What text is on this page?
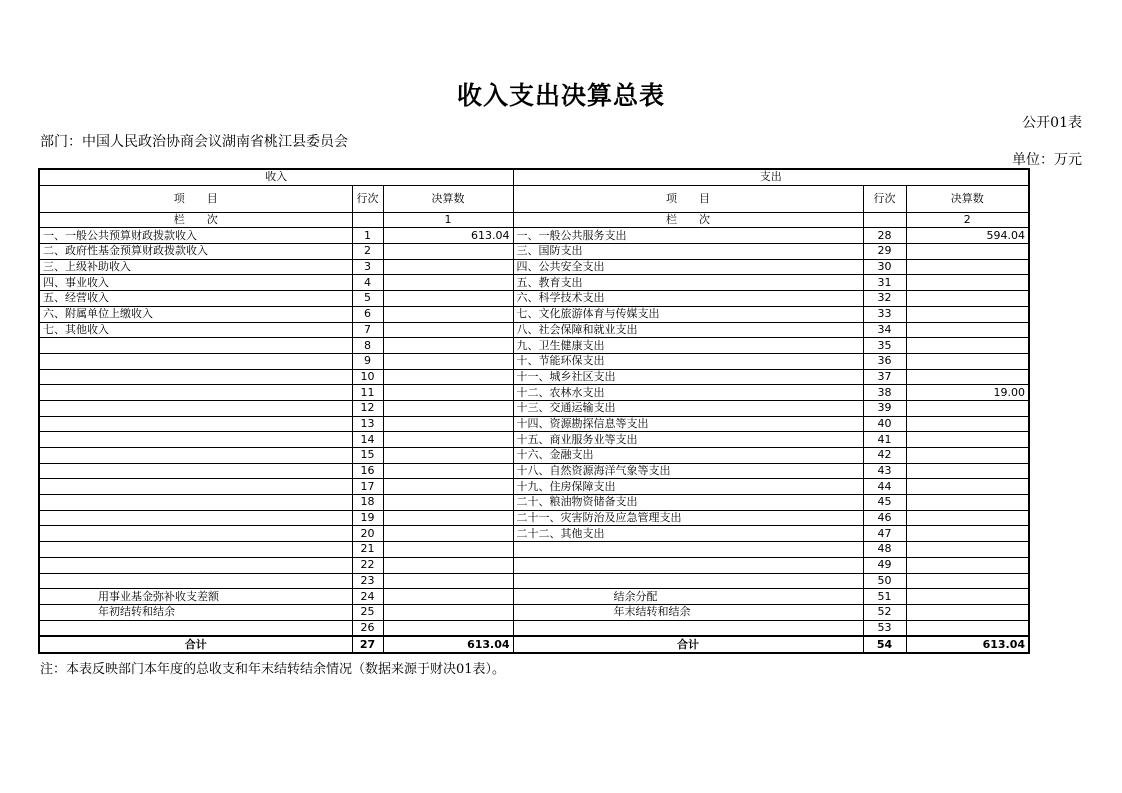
收入支出决算总表
公开01表
部门：中国人民政治协商会议湖南省桃江县委员会
单位：万元
收入			支出		
项　　目	行次	决算数	项　　目	行次	决算数
栏　　次		1	栏　　次		2
一、一般公共预算财政拨款收入	1	613.04	一、一般公共服务支出	28	594.04
二、政府性基金预算财政拨款收入	2		三、国防支出	29	
三、上级补助收入	3		四、公共安全支出	30	
四、事业收入	4		五、教育支出	31	
五、经营收入	5		六、科学技术支出	32	
六、附属单位上缴收入	6		七、文化旅游体育与传媒支出	33	
七、其他收入	7		八、社会保障和就业支出	34	
	8		九、卫生健康支出	35	
	9		十、节能环保支出	36	
	10		十一、城乡社区支出	37	
	11		十二、农林水支出	38	19.00
	12		十三、交通运输支出	39	
	13		十四、资源勘探信息等支出	40	
	14		十五、商业服务业等支出	41	
	15		十六、金融支出	42	
	16		十八、自然资源海洋气象等支出	43	
	17		十九、住房保障支出	44	
	18		二十、粮油物资储备支出	45	
	19		二十一、灾害防治及应急管理支出	46	
	20		二十二、其他支出	47	
	21			48	
	22			49	
	23			50	
用事业基金弥补收支差额	24		结余分配	51	
年初结转和结余	25		年末结转和结余	52	
	26			53	
合计	27	613.04	合计	54	613.04
注：本表反映部门本年度的总收支和年末结转结余情况（数据来源于财决01表）。
